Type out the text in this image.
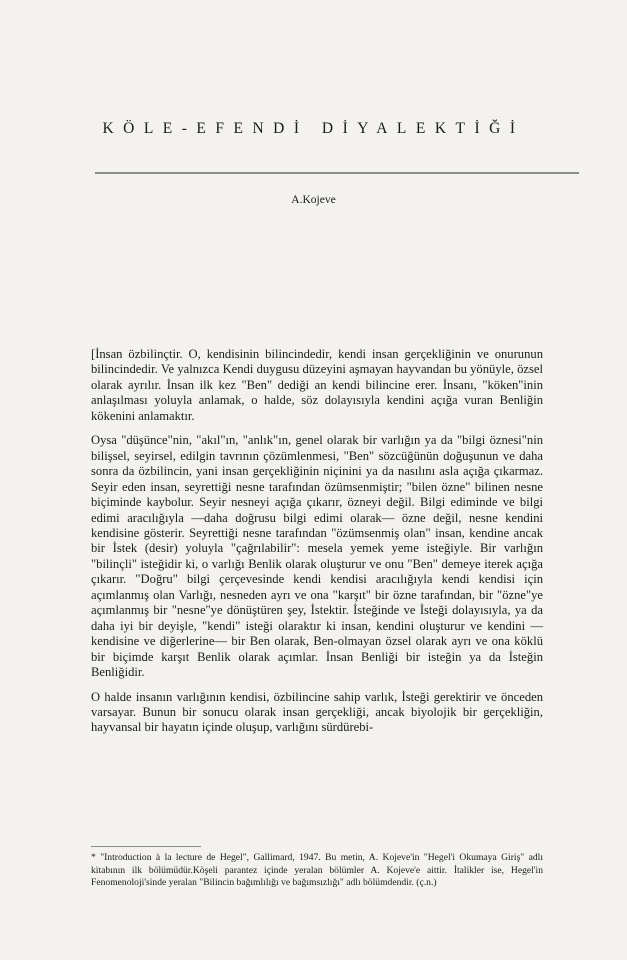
KÖLE-EFENDİ DİYALEKTİĞİ
A.Kojeve

[İnsan özbilinçtir. O, kendisinin bilincindedir, kendi insan gerçekliğinin ve onurunun bilincindedir. Ve yalnızca Kendi duygusu düzeyini aşmayan hayvandan bu yönüyle, özsel olarak ayrılır. İnsan ilk kez "Ben" dediği an kendi bilincine erer. İnsanı, "köken"inin anlaşılması yoluyla anlamak, o halde, söz dolayısıyla kendini açığa vuran Benliğin kökenini anlamaktır.

Oysa "düşünce"nin, "akıl"ın, "anlık"ın, genel olarak bir varlığın ya da "bilgi öznesi"nin bilişsel, seyirsel, edilgin tavrının çözümlenmesi, "Ben" sözcüğünün doğuşunun ve daha sonra da özbilincin, yani insan gerçekliğinin niçinini ya da nasılını asla açığa çıkarmaz. Seyir eden insan, seyrettiği nesne tarafından özümsenmiştir; "bilen özne" bilinen nesne biçiminde kaybolur. Seyir nesneyi açığa çıkarır, özneyi değil. Bilgi ediminde ve bilgi edimi aracılığıyla —daha doğrusu bilgi edimi olarak— özne değil, nesne kendini kendisine gösterir. Seyrettiği nesne tarafından "özümsenmiş olan" insan, kendine ancak bir İstek (desir) yoluyla "çağrılabilir": mesela yemek yeme isteğiyle. Bir varlığın "bilinçli" isteğidir ki, o varlığı Benlik olarak oluşturur ve onu "Ben" demeye iterek açığa çıkarır. "Doğru" bilgi çerçevesinde kendi kendisi aracılığıyla kendi kendisi için açımlanmış olan Varlığı, nesneden ayrı ve ona "karşıt" bir özne tarafından, bir "özne"ye açımlanmış bir "nesne"ye dönüştüren şey, İstektir. İsteğinde ve İsteği dolayısıyla, ya da daha iyi bir deyişle, "kendi" isteği olaraktır ki insan, kendini oluşturur ve kendini — kendisine ve diğerlerine— bir Ben olarak, Ben-olmayan özsel olarak ayrı ve ona köklü bir biçimde karşıt Benlik olarak açımlar. İnsan Benliği bir isteğin ya da İsteğin Benliğidir.

O halde insanın varlığının kendisi, özbilincine sahip varlık, İsteği gerektirir ve önceden varsayar. Bunun bir sonucu olarak insan gerçekliği, ancak biyolojik bir gerçekliğin, hayvansal bir hayatın içinde oluşup, varlığını sürdürebi-

* "Introduction à la lecture de Hegel", Gallimard, 1947. Bu metin, A. Kojeve'in "Hegel'i Okumaya Giriş" adlı kitabının ilk bölümüdür.Köşeli parantez içinde yeralan bölümler A. Kojeve'e aittir. İtalikler ise, Hegel'in Fenomenoloji'sinde yeralan "Bilincin bağımlılığı ve bağımsızlığı" adlı bölümdendir. (ç.n.)
